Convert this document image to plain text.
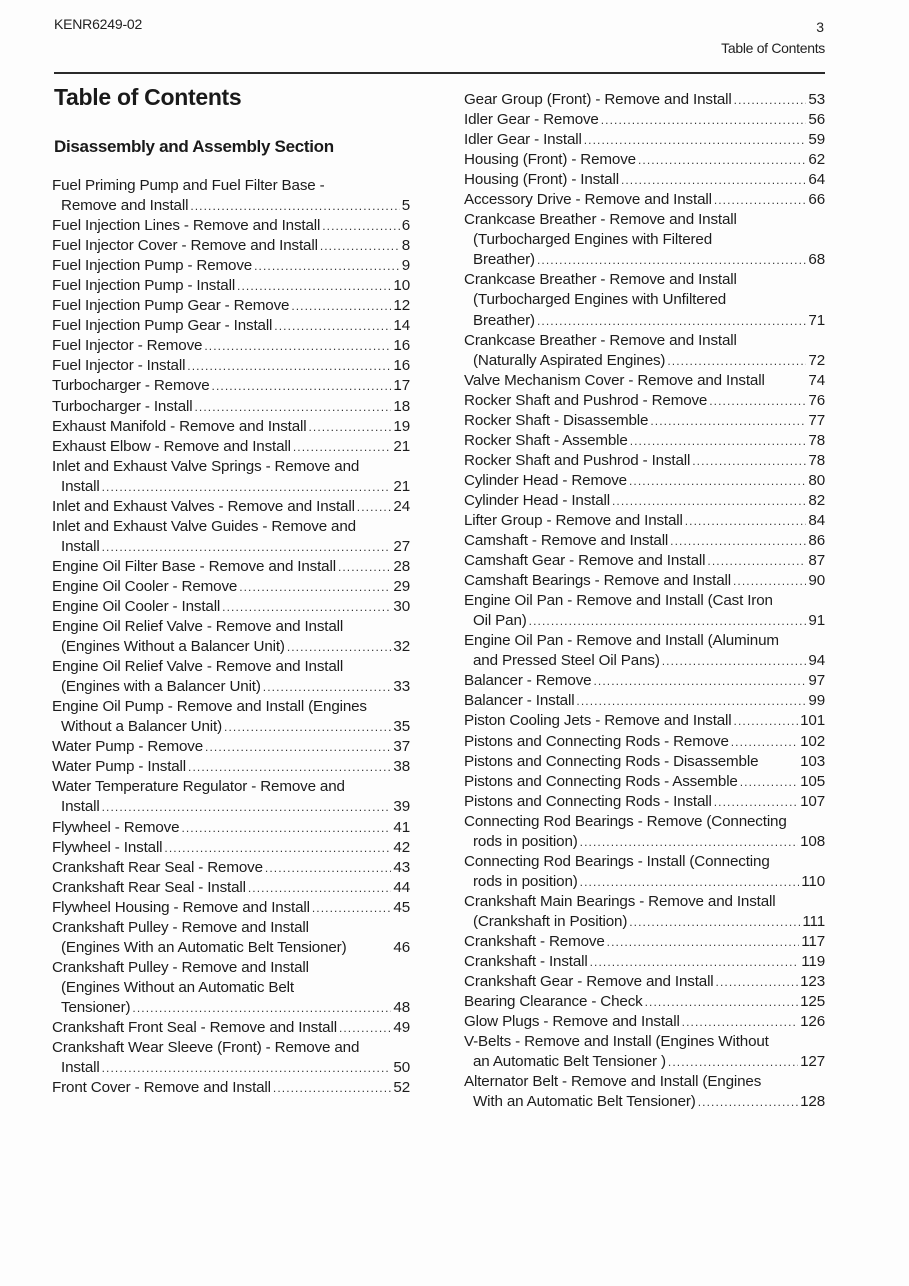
KENR6249-02	3
Table of Contents
Table of Contents
Disassembly and Assembly Section
Fuel Priming Pump and Fuel Filter Base -
Remove and Install .....	5
Fuel Injection Lines - Remove and Install .....	6
Fuel Injector Cover - Remove and Install .....	8
Fuel Injection Pump - Remove .....	9
Fuel Injection Pump - Install .....	10
Fuel Injection Pump Gear - Remove .....	12
Fuel Injection Pump Gear - Install .....	14
Fuel Injector - Remove .....	16
Fuel Injector - Install .....	16
Turbocharger - Remove .....	17
Turbocharger - Install .....	18
Exhaust Manifold - Remove and Install .....	19
Exhaust Elbow - Remove and Install .....	21
Inlet and Exhaust Valve Springs - Remove and
Install .....	21
Inlet and Exhaust Valves - Remove and Install .....	24
Inlet and Exhaust Valve Guides - Remove and
Install .....	27
Engine Oil Filter Base - Remove and Install .....	28
Engine Oil Cooler - Remove .....	29
Engine Oil Cooler - Install .....	30
Engine Oil Relief Valve - Remove and Install
(Engines Without a Balancer Unit) .....	32
Engine Oil Relief Valve - Remove and Install
(Engines with a Balancer Unit) .....	33
Engine Oil Pump - Remove and Install (Engines
Without a Balancer Unit) .....	35
Water Pump - Remove .....	37
Water Pump - Install .....	38
Water Temperature Regulator - Remove and
Install .....	39
Flywheel - Remove .....	41
Flywheel - Install .....	42
Crankshaft Rear Seal - Remove .....	43
Crankshaft Rear Seal - Install .....	44
Flywheel Housing - Remove and Install .....	45
Crankshaft Pulley - Remove and Install
(Engines With an Automatic Belt Tensioner)	46
Crankshaft Pulley - Remove and Install
(Engines Without an Automatic Belt
Tensioner) .....	48
Crankshaft Front Seal - Remove and Install .....	49
Crankshaft Wear Sleeve (Front) - Remove and
Install .....	50
Front Cover - Remove and Install .....	52
Gear Group (Front) - Remove and Install .....	53
Idler Gear - Remove .....	56
Idler Gear - Install .....	59
Housing (Front) - Remove .....	62
Housing (Front) - Install .....	64
Accessory Drive - Remove and Install .....	66
Crankcase Breather - Remove and Install
(Turbocharged Engines with Filtered
Breather) .....	68
Crankcase Breather - Remove and Install
(Turbocharged Engines with Unfiltered
Breather) .....	71
Crankcase Breather - Remove and Install
(Naturally Aspirated Engines) .....	72
Valve Mechanism Cover - Remove and Install	74
Rocker Shaft and Pushrod - Remove .....	76
Rocker Shaft - Disassemble .....	77
Rocker Shaft - Assemble .....	78
Rocker Shaft and Pushrod - Install .....	78
Cylinder Head - Remove .....	80
Cylinder Head - Install .....	82
Lifter Group - Remove and Install .....	84
Camshaft - Remove and Install .....	86
Camshaft Gear - Remove and Install .....	87
Camshaft Bearings - Remove and Install .....	90
Engine Oil Pan - Remove and Install (Cast Iron
Oil Pan) .....	91
Engine Oil Pan - Remove and Install (Aluminum
and Pressed Steel Oil Pans) .....	94
Balancer - Remove .....	97
Balancer - Install .....	99
Piston Cooling Jets - Remove and Install .....	101
Pistons and Connecting Rods - Remove .....	102
Pistons and Connecting Rods - Disassemble	103
Pistons and Connecting Rods - Assemble .....	105
Pistons and Connecting Rods - Install .....	107
Connecting Rod Bearings - Remove (Connecting
rods in position) .....	108
Connecting Rod Bearings - Install (Connecting
rods in position) .....	110
Crankshaft Main Bearings - Remove and Install
(Crankshaft in Position) .....	111
Crankshaft - Remove .....	117
Crankshaft - Install .....	119
Crankshaft Gear - Remove and Install .....	123
Bearing Clearance - Check .....	125
Glow Plugs - Remove and Install .....	126
V-Belts - Remove and Install (Engines Without
an Automatic Belt Tensioner ) .....	127
Alternator Belt - Remove and Install (Engines
With an Automatic Belt Tensioner) .....	128
